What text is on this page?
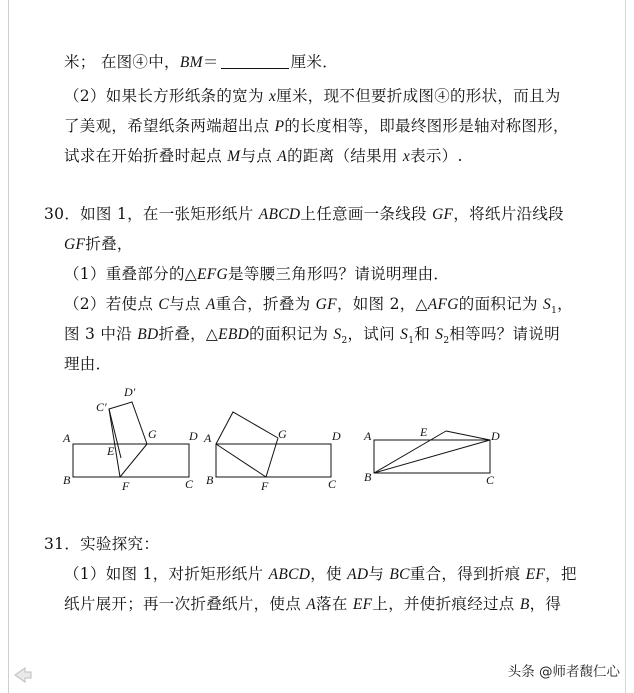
米； 在图④中，BM＝	厘米．
（2）如果长方形纸条的宽为 x厘米，现不但要折成图④的形状，而且为
了美观，希望纸条两端超出点 P的长度相等，即最终图形是轴对称图形，
试求在开始折叠时起点 M与点 A的距离（结果用 x表示）.
30．如图 1，在一张矩形纸片 ABCD上任意画一条线段 GF，将纸片沿线段
GF折叠，
（1）重叠部分的△EFG是等腰三角形吗？请说明理由．
（2）若使点 C与点 A重合，折叠为 GF，如图 2，△AFG的面积记为 $S_1$，
图 3 中沿 BD折叠，△EBD的面积记为 $S_2$，试问 $S_1$和 $S_2$相等吗？请说明
理由．
A
B	C
D
E
F
G
C′
D′
A
B	C
D
F
G	A
B	C
D
E
31．实验探究：
（1）如图 1，对折矩形纸片 ABCD，使 AD与 BC重合，得到折痕 EF，把
纸片展开；再一次折叠纸片，使点 A落在 EF上，并使折痕经过点 B，得
头条 @师者馥仁心
